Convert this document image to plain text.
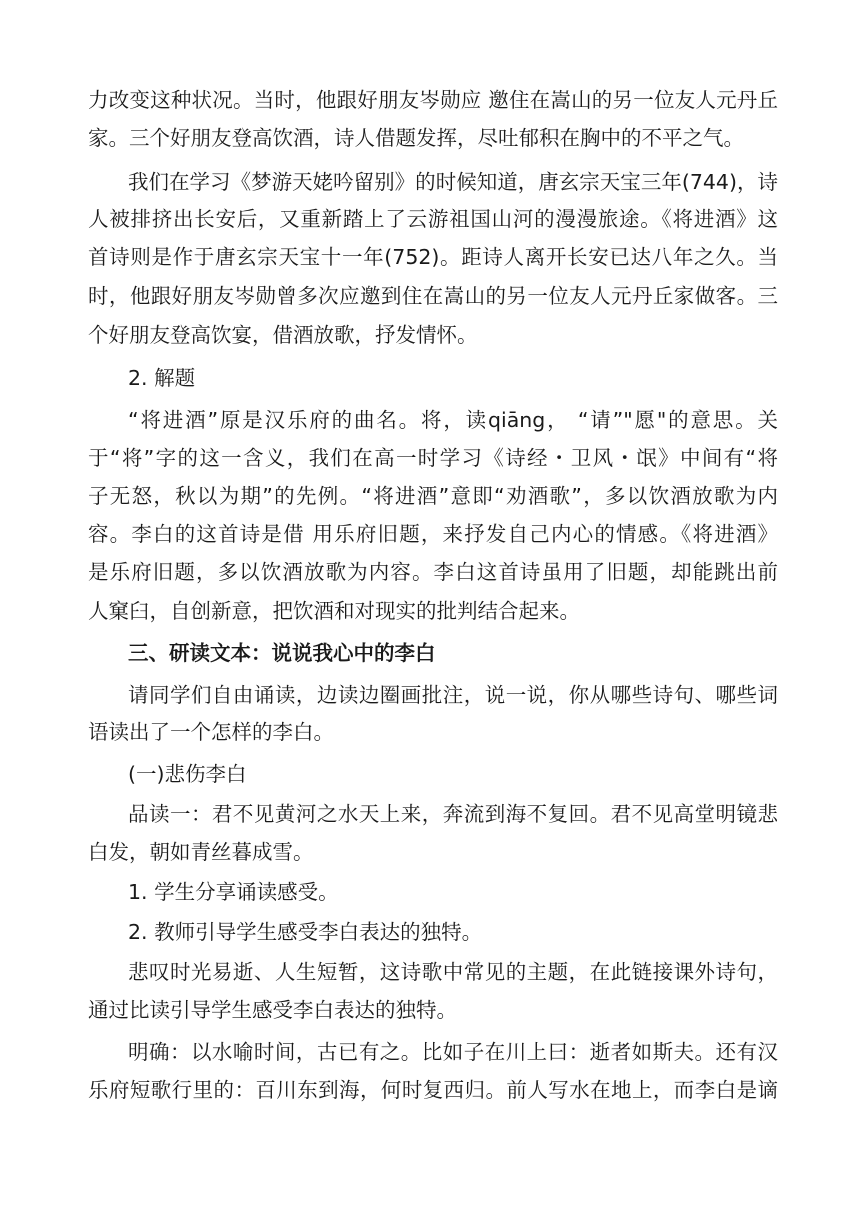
力改变这种状况。当时，他跟好朋友岑勋应 邀住在嵩山的另一位友人元丹丘
家。三个好朋友登高饮酒，诗人借题发挥，尽吐郁积在胸中的不平之气。
我们在学习《梦游天姥吟留别》的时候知道，唐玄宗天宝三年(744)，诗
人被排挤出长安后，又重新踏上了云游祖国山河的漫漫旅途。《将进酒》这
首诗则是作于唐玄宗天宝十一年(752)。距诗人离开长安已达八年之久。当
时，他跟好朋友岑勋曾多次应邀到住在嵩山的另一位友人元丹丘家做客。三
个好朋友登高饮宴，借酒放歌，抒发情怀。
2. 解题
“将进酒”原是汉乐府的曲名。将，读qiāng， “请”"愿"的意思。关
于“将”字的这一含义，我们在高一时学习《诗经・卫风・氓》中间有“将
子无怒，秋以为期”的先例。“将进酒”意即“劝酒歌”，多以饮酒放歌为内
容。李白的这首诗是借 用乐府旧题，来抒发自己内心的情感。《将进酒》
是乐府旧题，多以饮酒放歌为内容。李白这首诗虽用了旧题，却能跳出前
人窠臼，自创新意，把饮酒和对现实的批判结合起来。
三、研读文本：说说我心中的李白
请同学们自由诵读，边读边圈画批注，说一说，你从哪些诗句、哪些词
语读出了一个怎样的李白。
(一)悲伤李白
品读一：君不见黄河之水天上来，奔流到海不复回。君不见高堂明镜悲
白发，朝如青丝暮成雪。
1. 学生分享诵读感受。
2. 教师引导学生感受李白表达的独特。
悲叹时光易逝、人生短暂，这诗歌中常见的主题，在此链接课外诗句，
通过比读引导学生感受李白表达的独特。
明确：以水喻时间，古已有之。比如子在川上曰：逝者如斯夫。还有汉
乐府短歌行里的：百川东到海，何时复西归。前人写水在地上，而李白是谪
